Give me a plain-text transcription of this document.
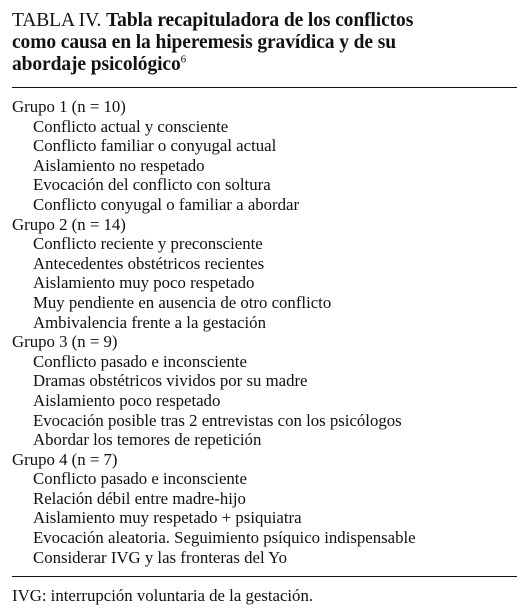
TABLA IV. Tabla recapituladora de los conflictos
como causa en la hiperemesis gravídica y de su
abordaje psicológico$^6$
Grupo 1 (n = 10)
Conflicto actual y consciente
Conflicto familiar o conyugal actual
Aislamiento no respetado
Evocación del conflicto con soltura
Conflicto conyugal o familiar a abordar
Grupo 2 (n = 14)
Conflicto reciente y preconsciente
Antecedentes obstétricos recientes
Aislamiento muy poco respetado
Muy pendiente en ausencia de otro conflicto
Ambivalencia frente a la gestación
Grupo 3 (n = 9)
Conflicto pasado e inconsciente
Dramas obstétricos vividos por su madre
Aislamiento poco respetado
Evocación posible tras 2 entrevistas con los psicólogos
Abordar los temores de repetición
Grupo 4 (n = 7)
Conflicto pasado e inconsciente
Relación débil entre madre-hijo
Aislamiento muy respetado + psiquiatra
Evocación aleatoria. Seguimiento psíquico indispensable
Considerar IVG y las fronteras del Yo
IVG: interrupción voluntaria de la gestación.
